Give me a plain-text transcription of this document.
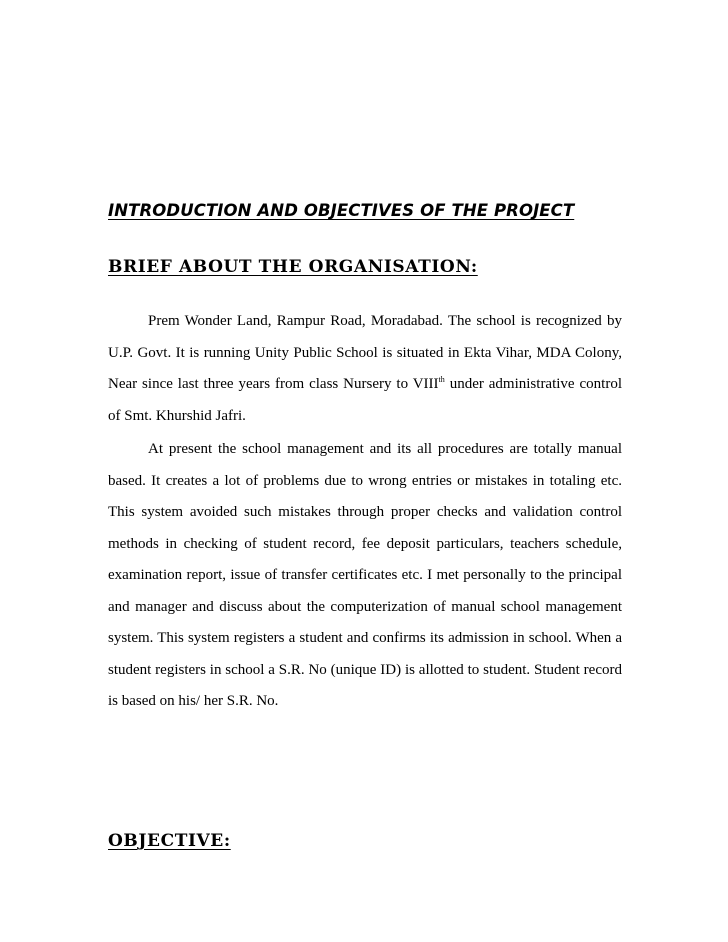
INTRODUCTION AND OBJECTIVES OF THE PROJECT
BRIEF ABOUT THE ORGANISATION:

Prem Wonder Land, Rampur Road, Moradabad. The school is recognized by U.P. Govt. It is running Unity Public School is situated in Ekta Vihar, MDA Colony, Near since last three years from class Nursery to VIIIth under administrative control of Smt. Khurshid Jafri.

At present the school management and its all procedures are totally manual based. It creates a lot of problems due to wrong entries or mistakes in totaling etc. This system avoided such mistakes through proper checks and validation control methods in checking of student record, fee deposit particulars, teachers schedule, examination report, issue of transfer certificates etc. I met personally to the principal and manager and discuss about the computerization of manual school management system. This system registers a student and confirms its admission in school. When a student registers in school a S.R. No (unique ID) is allotted to student. Student record is based on his/ her S.R. No.

OBJECTIVE:
